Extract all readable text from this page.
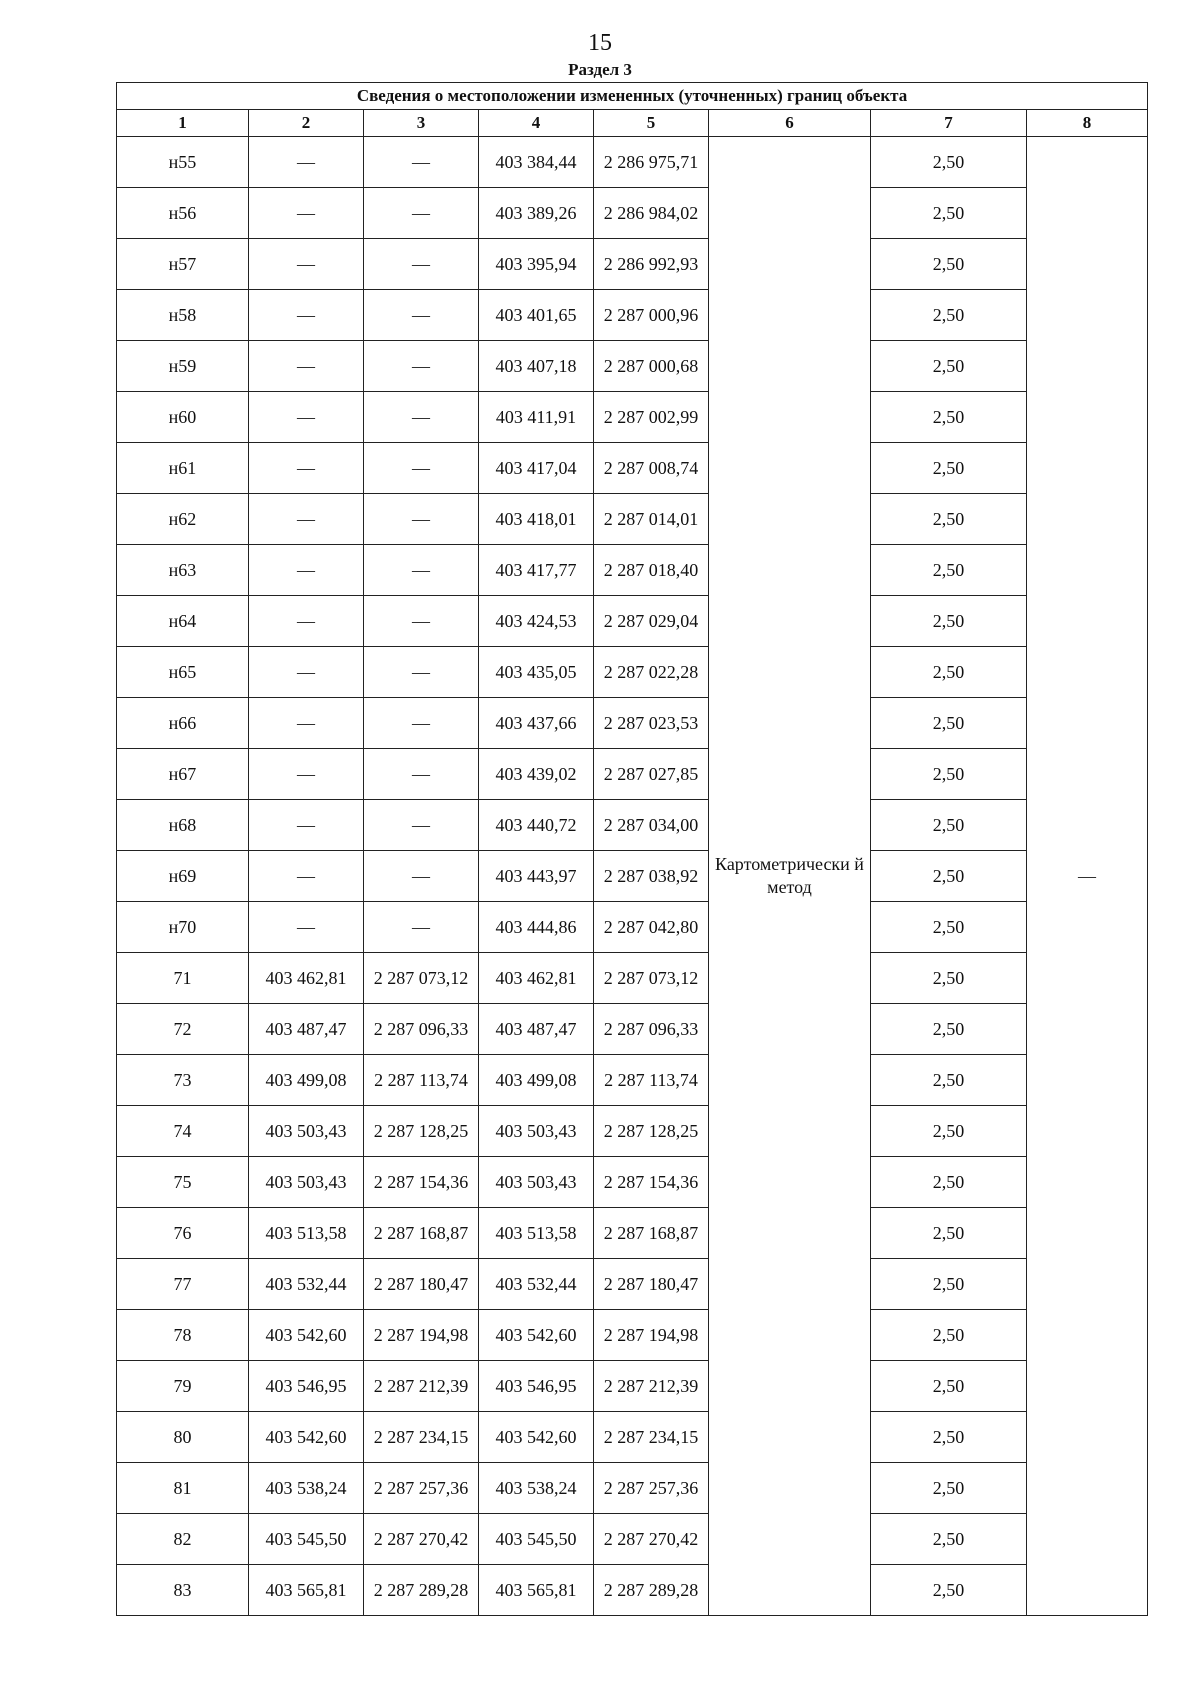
15
Раздел 3
Сведения о местоположении измененных (уточненных) границ объекта							
1	2	3	4	5	6	7	8
н55	—	—	403 384,44	2 286 975,71	Картометрически й метод	2,50	—
н56	—	—	403 389,26	2 286 984,02		2,50	
н57	—	—	403 395,94	2 286 992,93		2,50	
н58	—	—	403 401,65	2 287 000,96		2,50	
н59	—	—	403 407,18	2 287 000,68		2,50	
н60	—	—	403 411,91	2 287 002,99		2,50	
н61	—	—	403 417,04	2 287 008,74		2,50	
н62	—	—	403 418,01	2 287 014,01		2,50	
н63	—	—	403 417,77	2 287 018,40		2,50	
н64	—	—	403 424,53	2 287 029,04		2,50	
н65	—	—	403 435,05	2 287 022,28		2,50	
н66	—	—	403 437,66	2 287 023,53		2,50	
н67	—	—	403 439,02	2 287 027,85		2,50	
н68	—	—	403 440,72	2 287 034,00		2,50	
н69	—	—	403 443,97	2 287 038,92		2,50	
н70	—	—	403 444,86	2 287 042,80		2,50	
71	403 462,81	2 287 073,12	403 462,81	2 287 073,12		2,50	
72	403 487,47	2 287 096,33	403 487,47	2 287 096,33		2,50	
73	403 499,08	2 287 113,74	403 499,08	2 287 113,74		2,50	
74	403 503,43	2 287 128,25	403 503,43	2 287 128,25		2,50	
75	403 503,43	2 287 154,36	403 503,43	2 287 154,36		2,50	
76	403 513,58	2 287 168,87	403 513,58	2 287 168,87		2,50	
77	403 532,44	2 287 180,47	403 532,44	2 287 180,47		2,50	
78	403 542,60	2 287 194,98	403 542,60	2 287 194,98		2,50	
79	403 546,95	2 287 212,39	403 546,95	2 287 212,39		2,50	
80	403 542,60	2 287 234,15	403 542,60	2 287 234,15		2,50	
81	403 538,24	2 287 257,36	403 538,24	2 287 257,36		2,50	
82	403 545,50	2 287 270,42	403 545,50	2 287 270,42		2,50	
83	403 565,81	2 287 289,28	403 565,81	2 287 289,28		2,50	
